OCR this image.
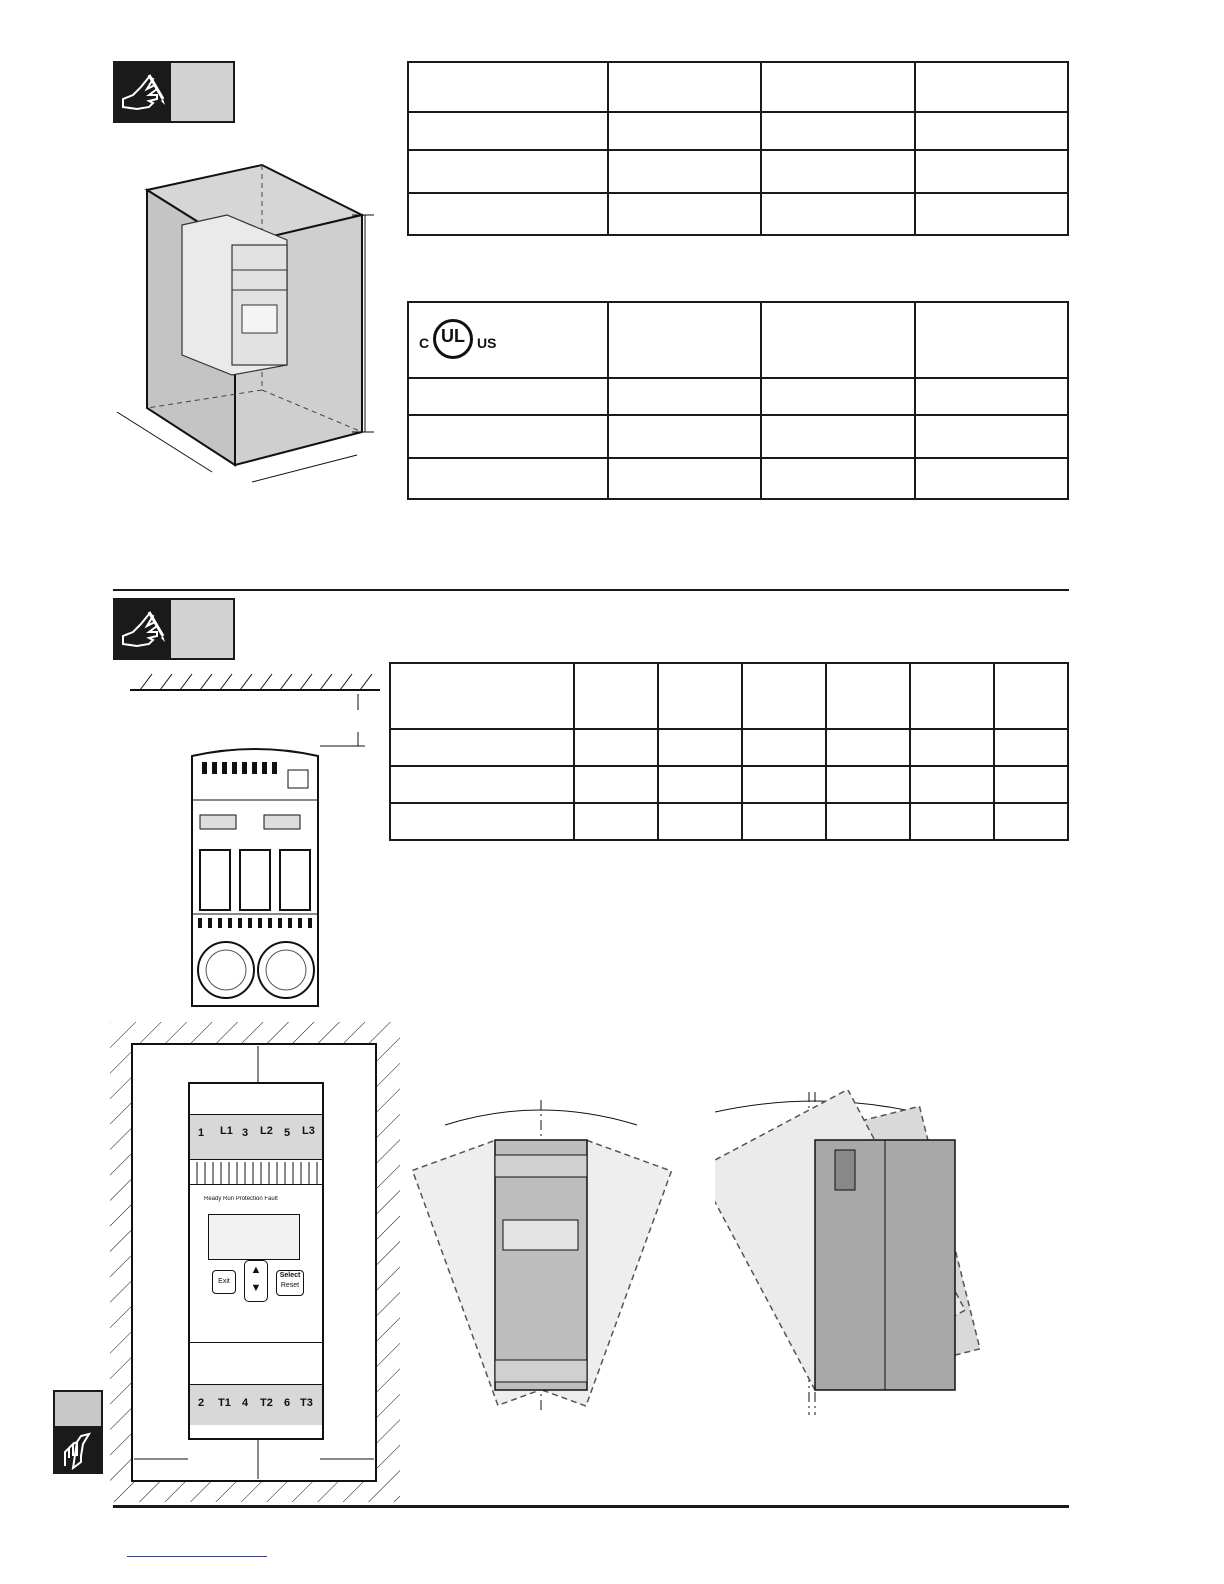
C UL US			

1 L1 3 L2 5 L3
Ready Run Protection Fault
Exit
▲
▼
Select
Reset
2 T1 4 T2 6 T3
